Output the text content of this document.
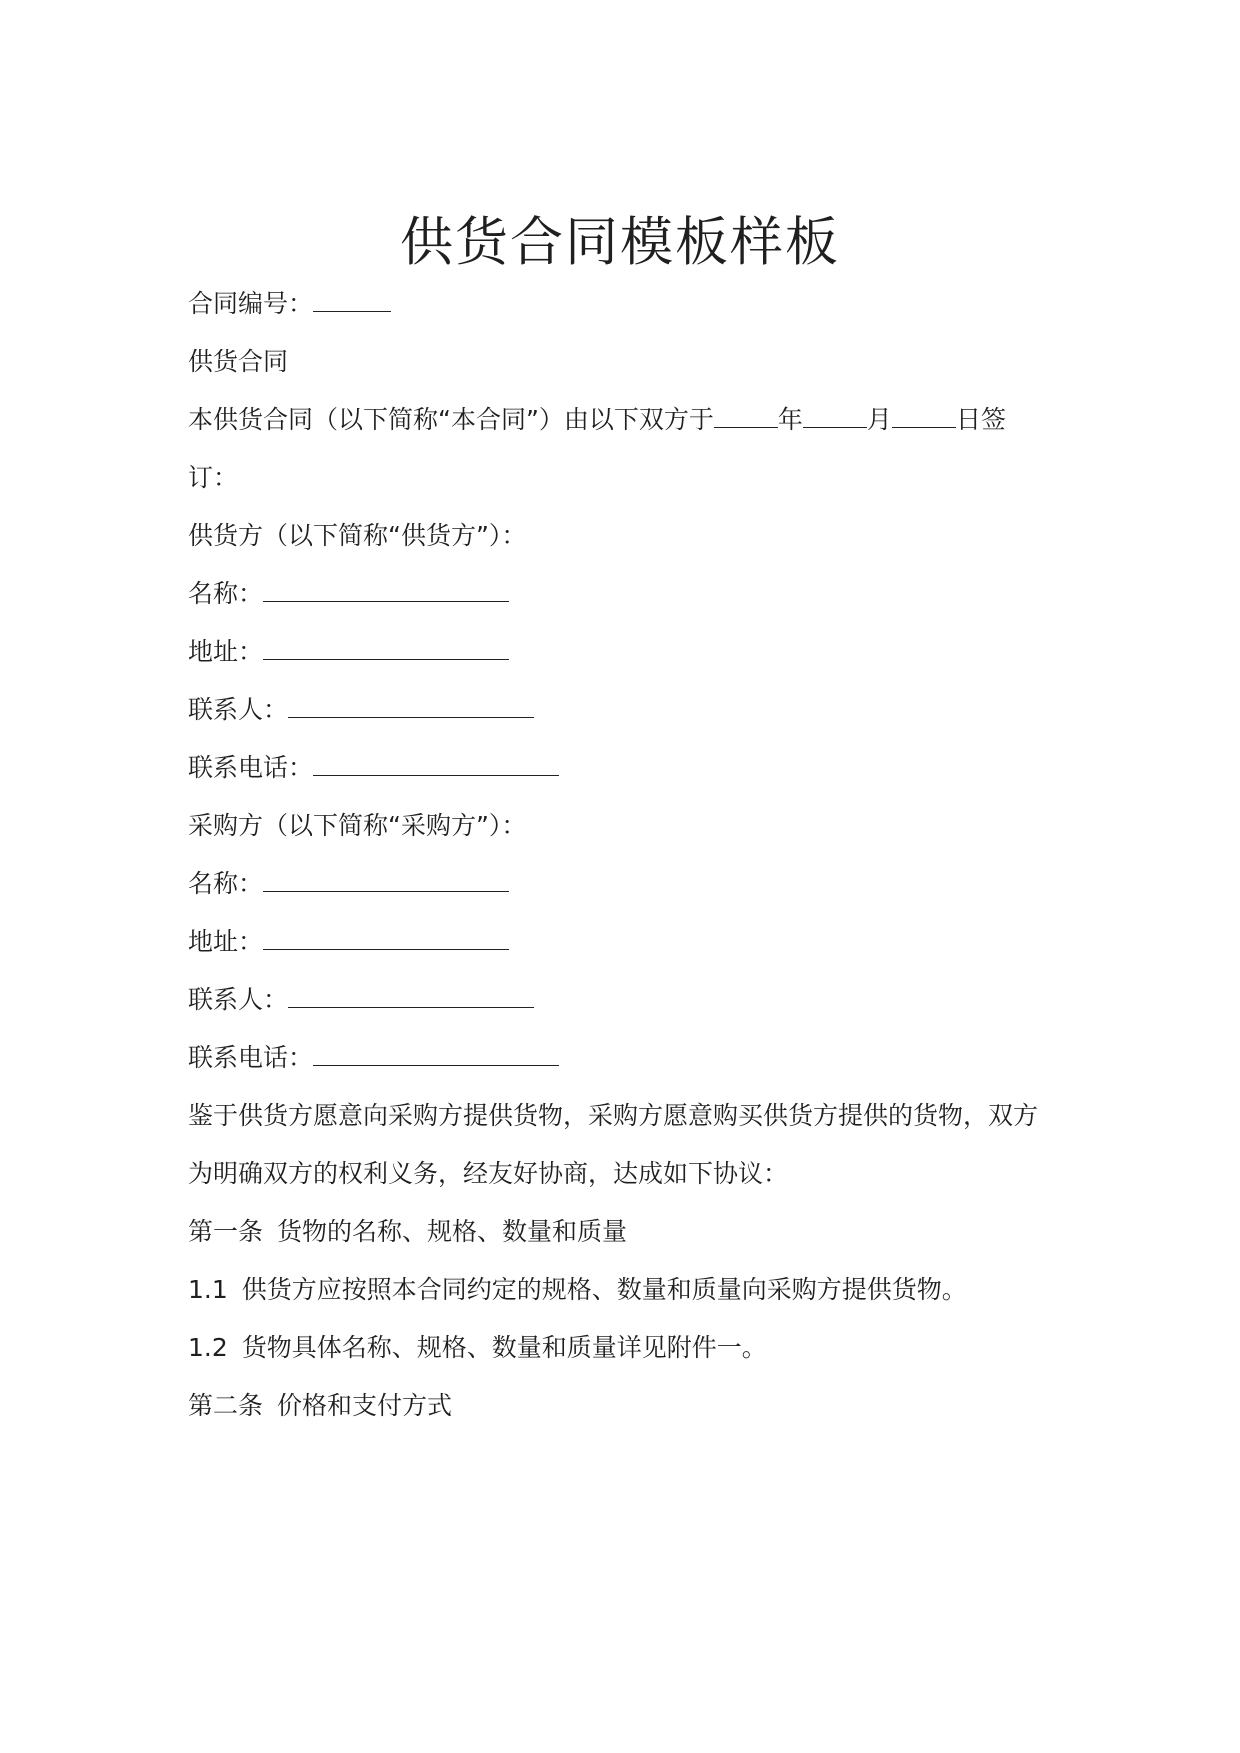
供货合同模板样板

合同编号：

供货合同

本供货合同（以下简称“本合同”）由以下双方于	年	月	日签

订：

供货方（以下简称“供货方”）：

名称：

地址：

联系人：

联系电话：

采购方（以下简称“采购方”）：

名称：

地址：

联系人：

联系电话：

鉴于供货方愿意向采购方提供货物，采购方愿意购买供货方提供的货物，双方

为明确双方的权利义务，经友好协商，达成如下协议：

第一条 货物的名称、规格、数量和质量

1.1 供货方应按照本合同约定的规格、数量和质量向采购方提供货物。

1.2 货物具体名称、规格、数量和质量详见附件一。

第二条 价格和支付方式
